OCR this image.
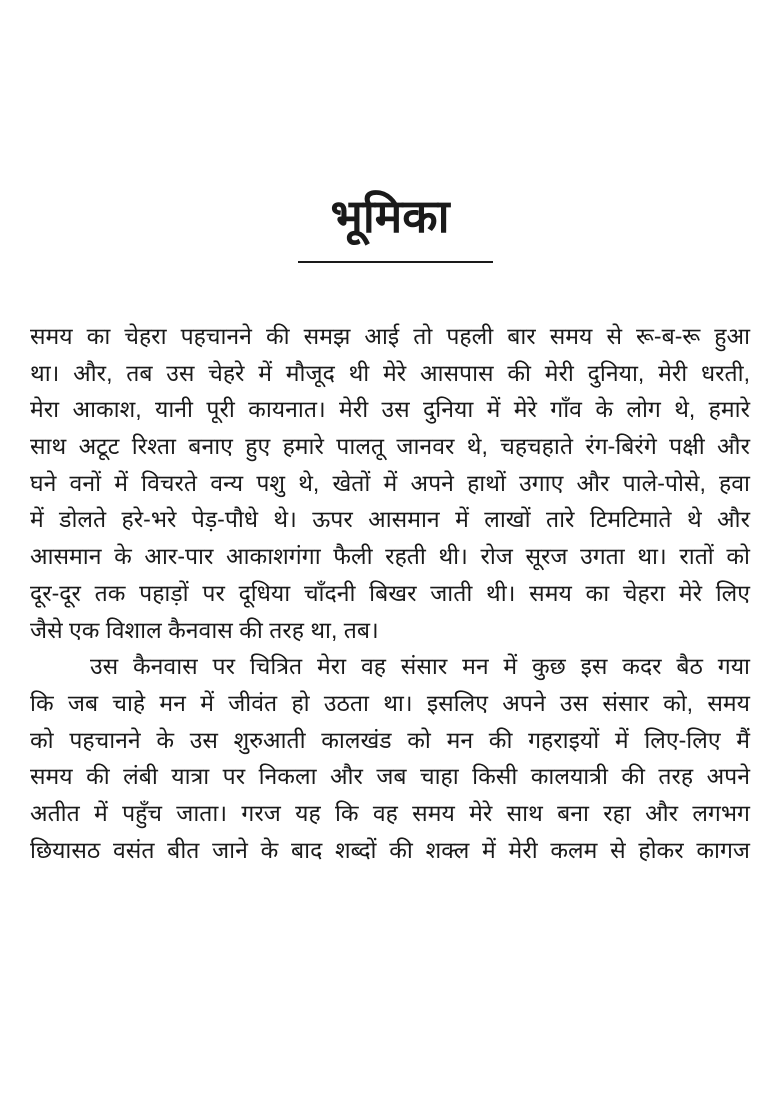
भूमिका
समय का चेहरा पहचानने की समझ आई तो पहली बार समय से रू-ब-रू हुआ
था। और, तब उस चेहरे में मौजूद थी मेरे आसपास की मेरी दुनिया, मेरी धरती,
मेरा आकाश, यानी पूरी कायनात। मेरी उस दुनिया में मेरे गाँव के लोग थे, हमारे
साथ अटूट रिश्ता बनाए हुए हमारे पालतू जानवर थे, चहचहाते रंग-बिरंगे पक्षी और
घने वनों में विचरते वन्य पशु थे, खेतों में अपने हाथों उगाए और पाले-पोसे, हवा
में डोलते हरे-भरे पेड़-पौधे थे। ऊपर आसमान में लाखों तारे टिमटिमाते थे और
आसमान के आर-पार आकाशगंगा फैली रहती थी। रोज सूरज उगता था। रातों को
दूर-दूर तक पहाड़ों पर दूधिया चाँदनी बिखर जाती थी। समय का चेहरा मेरे लिए
जैसे एक विशाल कैनवास की तरह था, तब।
उस कैनवास पर चित्रित मेरा वह संसार मन में कुछ इस कदर बैठ गया
कि जब चाहे मन में जीवंत हो उठता था। इसलिए अपने उस संसार को, समय
को पहचानने के उस शुरुआती कालखंड को मन की गहराइयों में लिए-लिए मैं
समय की लंबी यात्रा पर निकला और जब चाहा किसी कालयात्री की तरह अपने
अतीत में पहुँच जाता। गरज यह कि वह समय मेरे साथ बना रहा और लगभग
छियासठ वसंत बीत जाने के बाद शब्दों की शक्ल में मेरी कलम से होकर कागज
